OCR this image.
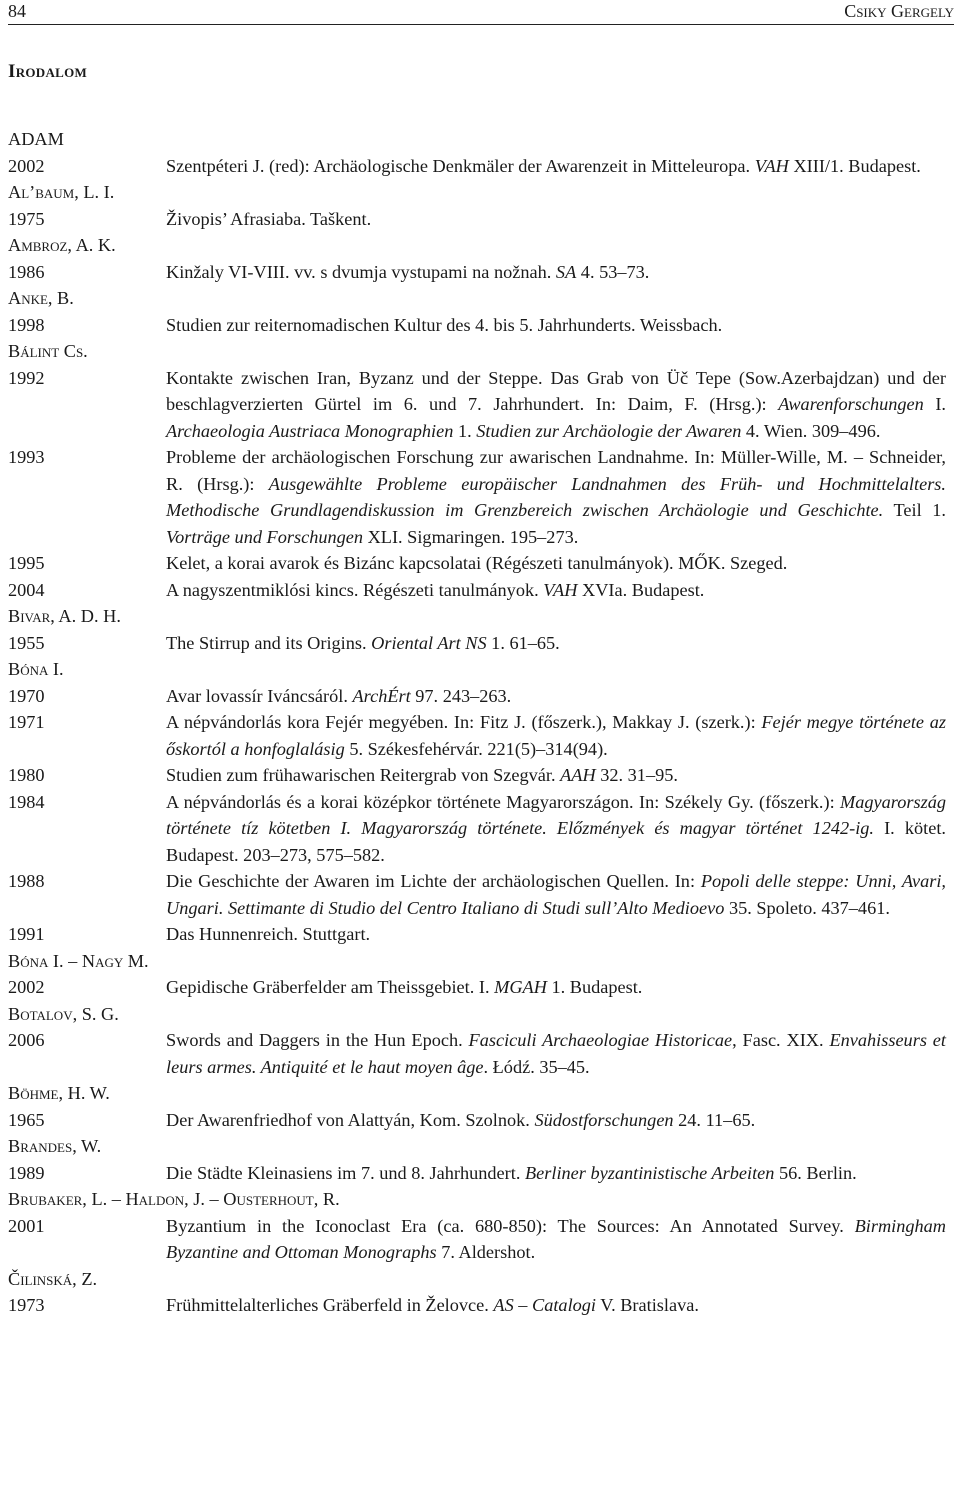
84	Csiky Gergely
Irodalom
ADAM
2002	Szentpéteri J. (red): Archäologische Denkmäler der Awarenzeit in Mitteleuropa. VAH XIII/1. Budapest.
Al’baum, L. I.
1975	Živopis’ Afrasiaba. Taškent.
Ambroz, A. K.
1986	Kinžaly VI-VIII. vv. s dvumja vystupami na nožnah. SA 4. 53–73.
Anke, B.
1998	Studien zur reiternomadischen Kultur des 4. bis 5. Jahrhunderts. Weissbach.
Bálint Cs.
1992	Kontakte zwischen Iran, Byzanz und der Steppe. Das Grab von Üč Tepe (Sow.Azerbajdzan) und der beschlagverzierten Gürtel im 6. und 7. Jahrhundert. In: Daim, F. (Hrsg.): Awarenforschungen I. Archaeologia Austriaca Monographien 1. Studien zur Archäologie der Awaren 4. Wien. 309–496.
1993	Probleme der archäologischen Forschung zur awarischen Landnahme. In: Müller-Wille, M. – Schneider, R. (Hrsg.): Ausgewählte Probleme europäischer Landnahmen des Früh- und Hochmittelalters. Methodische Grundlagendiskussion im Grenzbereich zwischen Archäologie und Geschichte. Teil 1. Vorträge und Forschungen XLI. Sigmaringen. 195–273.
1995	Kelet, a korai avarok és Bizánc kapcsolatai (Régészeti tanulmányok). MŐK. Szeged.
2004	A nagyszentmiklósi kincs. Régészeti tanulmányok. VAH XVIa. Budapest.
Bivar, A. D. H.
1955	The Stirrup and its Origins. Oriental Art NS 1. 61–65.
Bóna I.
1970	Avar lovassír Iváncsáról. ArchÉrt 97. 243–263.
1971	A népvándorlás kora Fejér megyében. In: Fitz J. (főszerk.), Makkay J. (szerk.): Fejér megye története az őskortól a honfoglalásig 5. Székesfehérvár. 221(5)–314(94).
1980	Studien zum frühawarischen Reitergrab von Szegvár. AAH 32. 31–95.
1984	A népvándorlás és a korai középkor története Magyarországon. In: Székely Gy. (főszerk.): Magyarország története tíz kötetben I. Magyarország története. Előzmények és magyar történet 1242-ig. I. kötet. Budapest. 203–273, 575–582.
1988	Die Geschichte der Awaren im Lichte der archäologischen Quellen. In: Popoli delle steppe: Unni, Avari, Ungari. Settimante di Studio del Centro Italiano di Studi sull’Alto Medioevo 35. Spoleto. 437–461.
1991	Das Hunnenreich. Stuttgart.
Bóna I. – Nagy M.
2002	Gepidische Gräberfelder am Theissgebiet. I. MGAH 1. Budapest.
Botalov, S. G.
2006	Swords and Daggers in the Hun Epoch. Fasciculi Archaeologiae Historicae, Fasc. XIX. Envahisseurs et leurs armes. Antiquité et le haut moyen âge. Łódź. 35–45.
Böhme, H. W.
1965	Der Awarenfriedhof von Alattyán, Kom. Szolnok. Südostforschungen 24. 11–65.
Brandes, W.
1989	Die Städte Kleinasiens im 7. und 8. Jahrhundert. Berliner byzantinistische Arbeiten 56. Berlin.
Brubaker, L. – Haldon, J. – Ousterhout, R.
2001	Byzantium in the Iconoclast Era (ca. 680-850): The Sources: An Annotated Survey. Birmingham Byzantine and Ottoman Monographs 7. Aldershot.
Čilinská, Z.
1973	Frühmittelalterliches Gräberfeld in Želovce. AS – Catalogi V. Bratislava.
